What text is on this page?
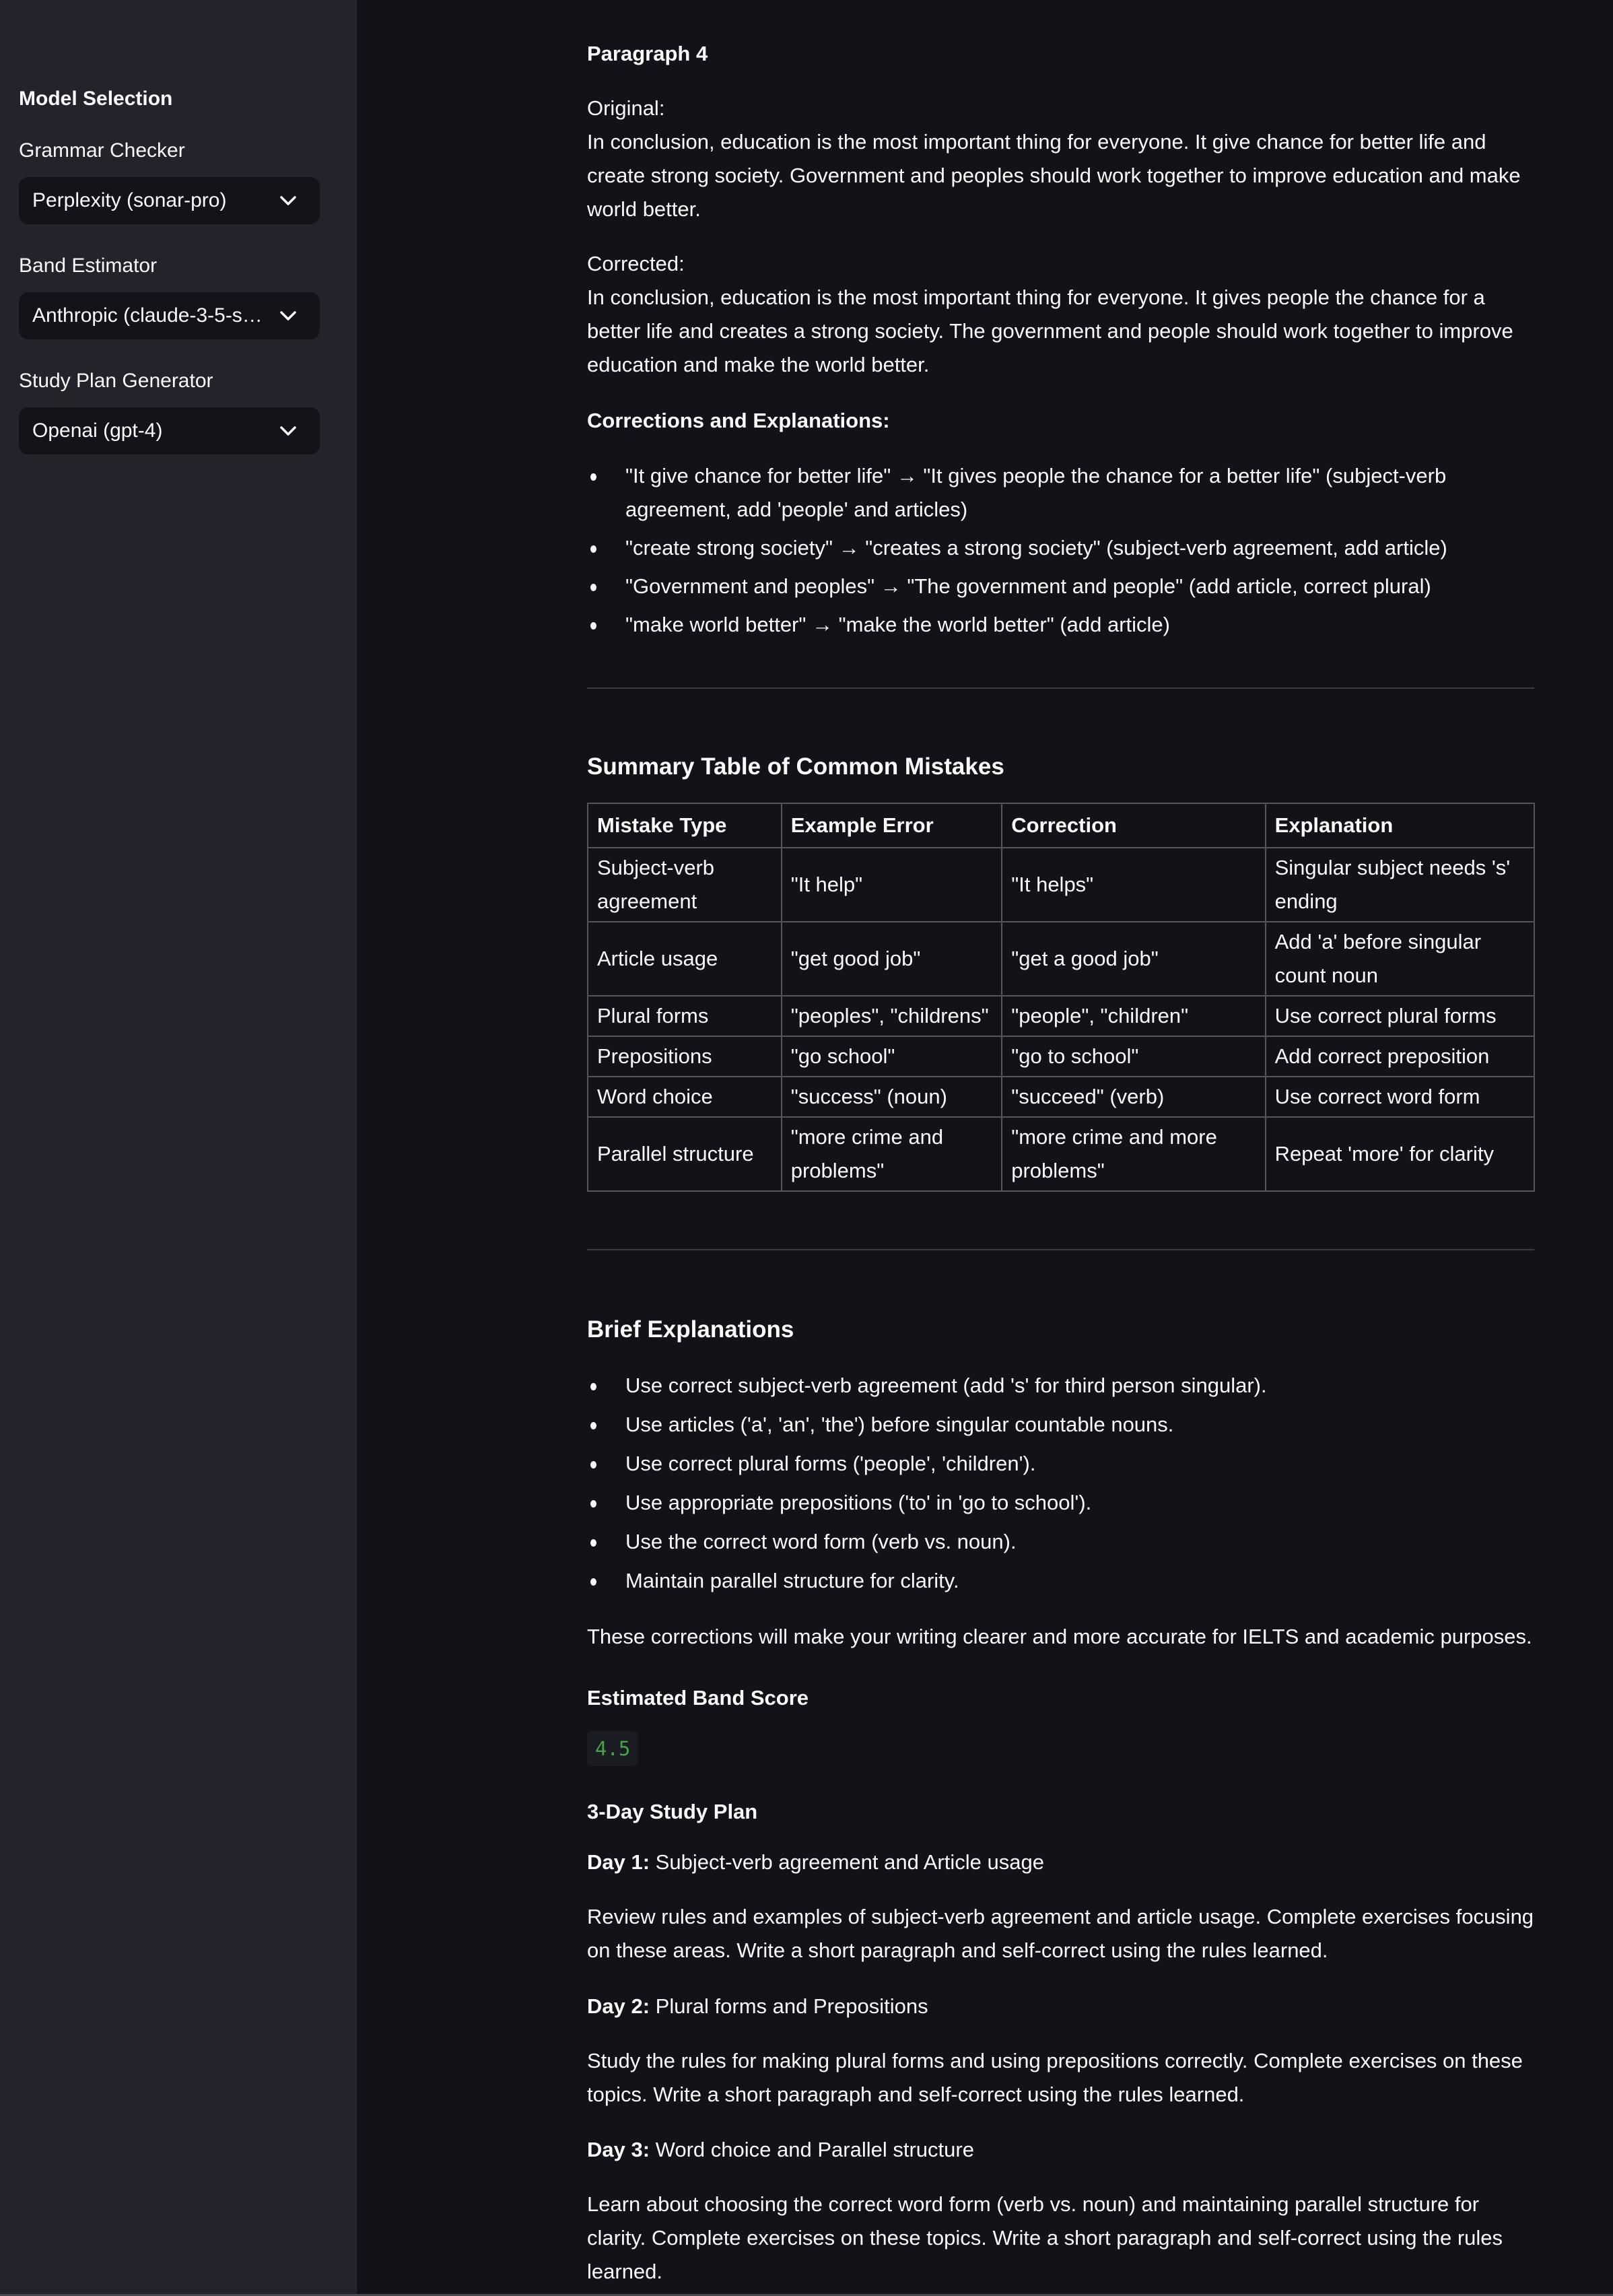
Model Selection
Grammar Checker
Perplexity (sonar-pro)
Band Estimator
Anthropic (claude-3-5-s…
Study Plan Generator
Openai (gpt-4)
Paragraph 4
Original:
In conclusion, education is the most important thing for everyone. It give chance for better life and create strong society. Government and peoples should work together to improve education and make world better.
Corrected:
In conclusion, education is the most important thing for everyone. It gives people the chance for a better life and creates a strong society. The government and people should work together to improve education and make the world better.
Corrections and Explanations:
"It give chance for better life" → "It gives people the chance for a better life" (subject-verb agreement, add 'people' and articles)
"create strong society" → "creates a strong society" (subject-verb agreement, add article)
"Government and peoples" → "The government and people" (add article, correct plural)
"make world better" → "make the world better" (add article)
Summary Table of Common Mistakes
Mistake Type	Example Error	Correction	Explanation
Subject-verb agreement	"It help"	"It helps"	Singular subject needs 's' ending
Article usage	"get good job"	"get a good job"	Add 'a' before singular count noun
Plural forms	"peoples", "childrens"	"people", "children"	Use correct plural forms
Prepositions	"go school"	"go to school"	Add correct preposition
Word choice	"success" (noun)	"succeed" (verb)	Use correct word form
Parallel structure	"more crime and problems"	"more crime and more problems"	Repeat 'more' for clarity
Brief Explanations
Use correct subject-verb agreement (add 's' for third person singular).
Use articles ('a', 'an', 'the') before singular countable nouns.
Use correct plural forms ('people', 'children').
Use appropriate prepositions ('to' in 'go to school').
Use the correct word form (verb vs. noun).
Maintain parallel structure for clarity.
These corrections will make your writing clearer and more accurate for IELTS and academic purposes.
Estimated Band Score
4.5
3-Day Study Plan
Day 1: Subject-verb agreement and Article usage
Review rules and examples of subject-verb agreement and article usage. Complete exercises focusing on these areas. Write a short paragraph and self-correct using the rules learned.
Day 2: Plural forms and Prepositions
Study the rules for making plural forms and using prepositions correctly. Complete exercises on these topics. Write a short paragraph and self-correct using the rules learned.
Day 3: Word choice and Parallel structure
Learn about choosing the correct word form (verb vs. noun) and maintaining parallel structure for clarity. Complete exercises on these topics. Write a short paragraph and self-correct using the rules learned.
